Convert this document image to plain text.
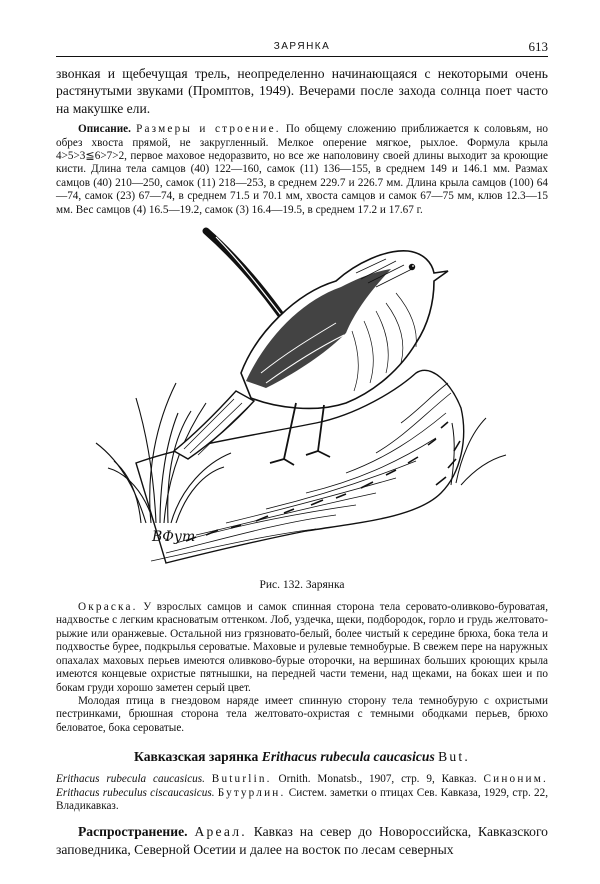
ЗАРЯНКА	613

звонкая и щебечущая трель, неопределенно начинающаяся с некоторыми очень растянутыми звуками (Промптов, 1949). Вечерами после захода солнца поет часто на макушке ели.

Описание. Размеры и строение. По общему сложению приближается к соловьям, но обрез хвоста прямой, не закругленный. Мелкое оперение мягкое, рыхлое. Формула крыла 4>5>3≦6>7>2, первое маховое недоразвито, но все же наполовину своей длины выходит за кроющие кисти. Длина тела самцов (40) 122—160, самок (11) 136—155, в среднем 149 и 146.1 мм. Размах самцов (40) 210—250, самок (11) 218—253, в среднем 229.7 и 226.7 мм. Длина крыла самцов (100) 64—74, самок (23) 67—74, в среднем 71.5 и 70.1 мм, хвоста самцов и самок 67—75 мм, клюв 12.3—15 мм. Вес самцов (4) 16.5—19.2, самок (3) 16.4—19.5, в среднем 17.2 и 17.67 г.

ВФут
Рис. 132. Зарянка

Окраска. У взрослых самцов и самок спинная сторона тела серовато-оливково-буроватая, надхвостье с легким красноватым оттенком. Лоб, уздечка, щеки, подбородок, горло и грудь желтовато-рыжие или оранжевые. Остальной низ грязновато-белый, более чистый к середине брюха, бока тела и подхвостье буреe, подкрылья сероватые. Маховые и рулевые темнобурые. В свежем пере на наружных опахалах маховых перьев имеются оливково-бурые оторочки, на вершинах больших кроющих крыла имеются концевые охристые пятнышки, на передней части темени, над щеками, на боках шеи и по бокам груди хорошо заметен серый цвет.

Молодая птица в гнездовом наряде имеет спинную сторону тела темнобурую с охристыми пестринками, брюшная сторона тела желтовато-охристая с темными ободками перьев, брюхо беловатое, бока сероватые.

Кавказская зарянка Erithacus rubecula caucasicus But.

Erithacus rubecula caucasicus. Buturlin. Ornith. Monatsb., 1907, стр. 9, Кавказ. Синоним. Erithacus rubeculus ciscaucasicus. Бутурлин. Систем. заметки о птицах Сев. Кавказа, 1929, стр. 22, Владикавказ.

Распространение. Ареал. Кавказ на север до Новороссийска, Кавказского заповедника, Северной Осетии и далее на восток по лесам северных
